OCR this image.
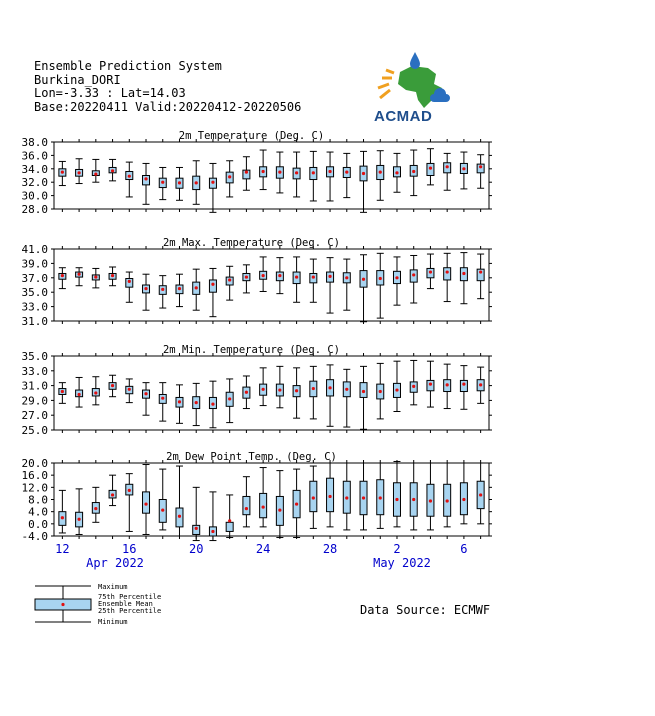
Ensemble Prediction System
Burkina_DORI
Lon=-3.33 : Lat=14.03
Base:20220411 Valid:20220412-20220506
ACMAD
2m Temperature (Deg. C)
38.0
36.0
34.0
32.0
30.0
28.0
2m Max. Temperature (Deg. C)
41.0
39.0
37.0
35.0
33.0
31.0
2m Min. Temperature (Deg. C)
35.0
33.0
31.0
29.0
27.0
25.0
2m Dew Point Temp. (Deg. C)
20.0
16.0
12.0
8.0
4.0
0.0
-4.0
12	16	20	24	28	2	6
Apr 2022	May 2022
Maximum
75th Percentile
Ensemble Mean
25th Percentile
Minimum
Data Source: ECMWF
